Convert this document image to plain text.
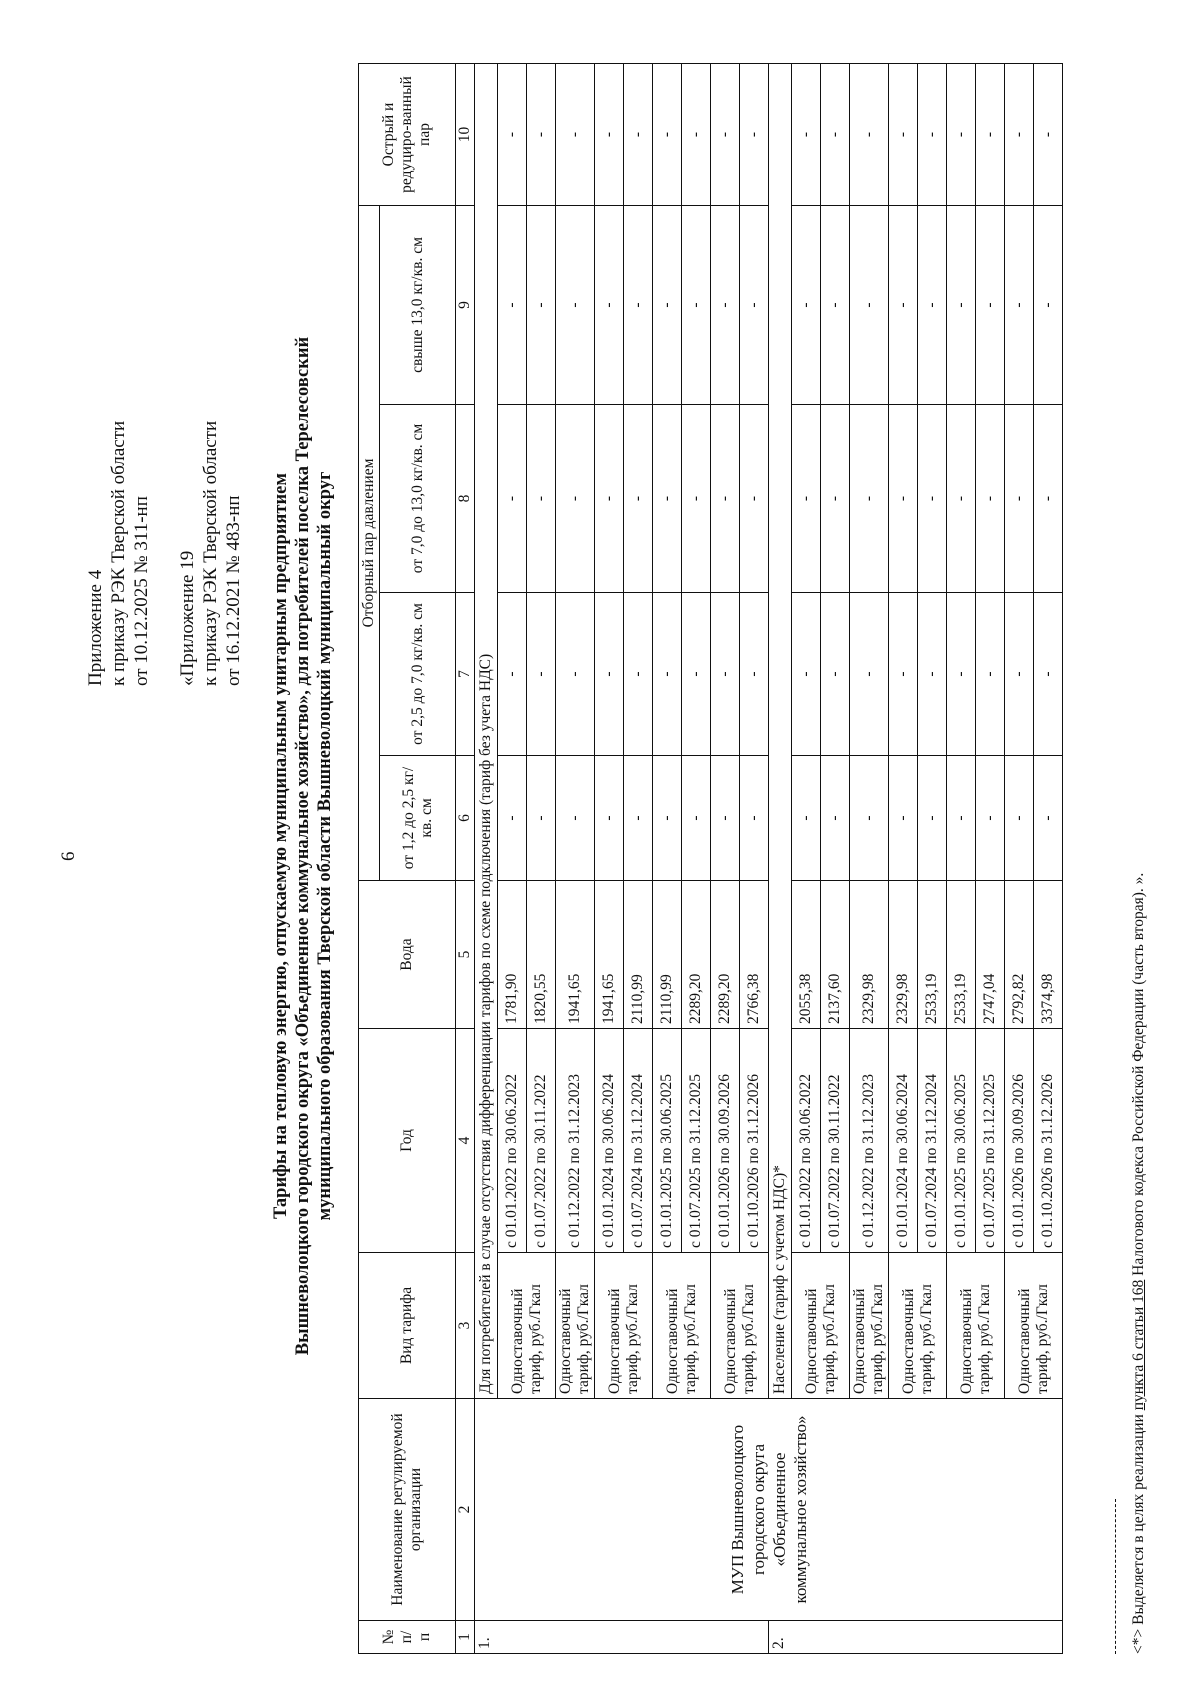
6
Приложение 4 к приказу РЭК Тверской области от 10.12.2025 № 311-нп «Приложение 19 к приказу РЭК Тверской области от 16.12.2021 № 483-нп Тарифы на тепловую энергию, отпускаемую муниципальным унитарным предприятием Вышневолоцкого городского округа «Объединенное коммунальное хозяйство», для потребителей поселка Терелесовский муниципального образования Тверской области Вышневолоцкий муниципальный округ
№ п/ п	Наименование регулируемой организации	Вид тарифа	Год	Вода	Отборный пар давлением				Острый и редуциро-ванный пар
					от 1,2 до 2,5 кг/кв. см	от 2,5 до 7,0 кг/кв. см	от 7,0 до 13,0 кг/кв. см	свыше 13,0 кг/кв. см	
1	2	3	4	5	6	7	8	9	10
1.	МУП Вышневолоцкого городского округа «Объединенное коммунальное хозяйство»	Для потребителей в случае отсутствия дифференциации тарифов по схеме подключения (тариф без учета НДС)							
		Одноставочный тариф, руб./Гкал	с 01.01.2022 по 30.06.2022	1781,90	-	-	-	-	-
			с 01.07.2022 по 30.11.2022	1820,55	-	-	-	-	-
		Одноставочный тариф, руб./Гкал	с 01.12.2022 по 31.12.2023	1941,65	-	-	-	-	-
		Одноставочный тариф, руб./Гкал	с 01.01.2024 по 30.06.2024	1941,65	-	-	-	-	-
			с 01.07.2024 по 31.12.2024	2110,99	-	-	-	-	-
		Одноставочный тариф, руб./Гкал	с 01.01.2025 по 30.06.2025	2110,99	-	-	-	-	-
			с 01.07.2025 по 31.12.2025	2289,20	-	-	-	-	-
		Одноставочный тариф, руб./Гкал	с 01.01.2026 по 30.09.2026	2289,20	-	-	-	-	-
			с 01.10.2026 по 31.12.2026	2766,38	-	-	-	-	-
2.		Население (тариф с учетом НДС)*							
		Одноставочный тариф, руб./Гкал	с 01.01.2022 по 30.06.2022	2055,38	-	-	-	-	-
			с 01.07.2022 по 30.11.2022	2137,60	-	-	-	-	-
		Одноставочный тариф, руб./Гкал	с 01.12.2022 по 31.12.2023	2329,98	-	-	-	-	-
		Одноставочный тариф, руб./Гкал	с 01.01.2024 по 30.06.2024	2329,98	-	-	-	-	-
			с 01.07.2024 по 31.12.2024	2533,19	-	-	-	-	-
		Одноставочный тариф, руб./Гкал	с 01.01.2025 по 30.06.2025	2533,19	-	-	-	-	-
			с 01.07.2025 по 31.12.2025	2747,04	-	-	-	-	-
		Одноставочный тариф, руб./Гкал	с 01.01.2026 по 30.09.2026	2792,82	-	-	-	-	-
			с 01.10.2026 по 31.12.2026	3374,98	-	-	-	-	-
<*> Выделяется в целях реализации пункта 6 статьи 168 Налогового кодекса Российской Федерации (часть вторая). ».
